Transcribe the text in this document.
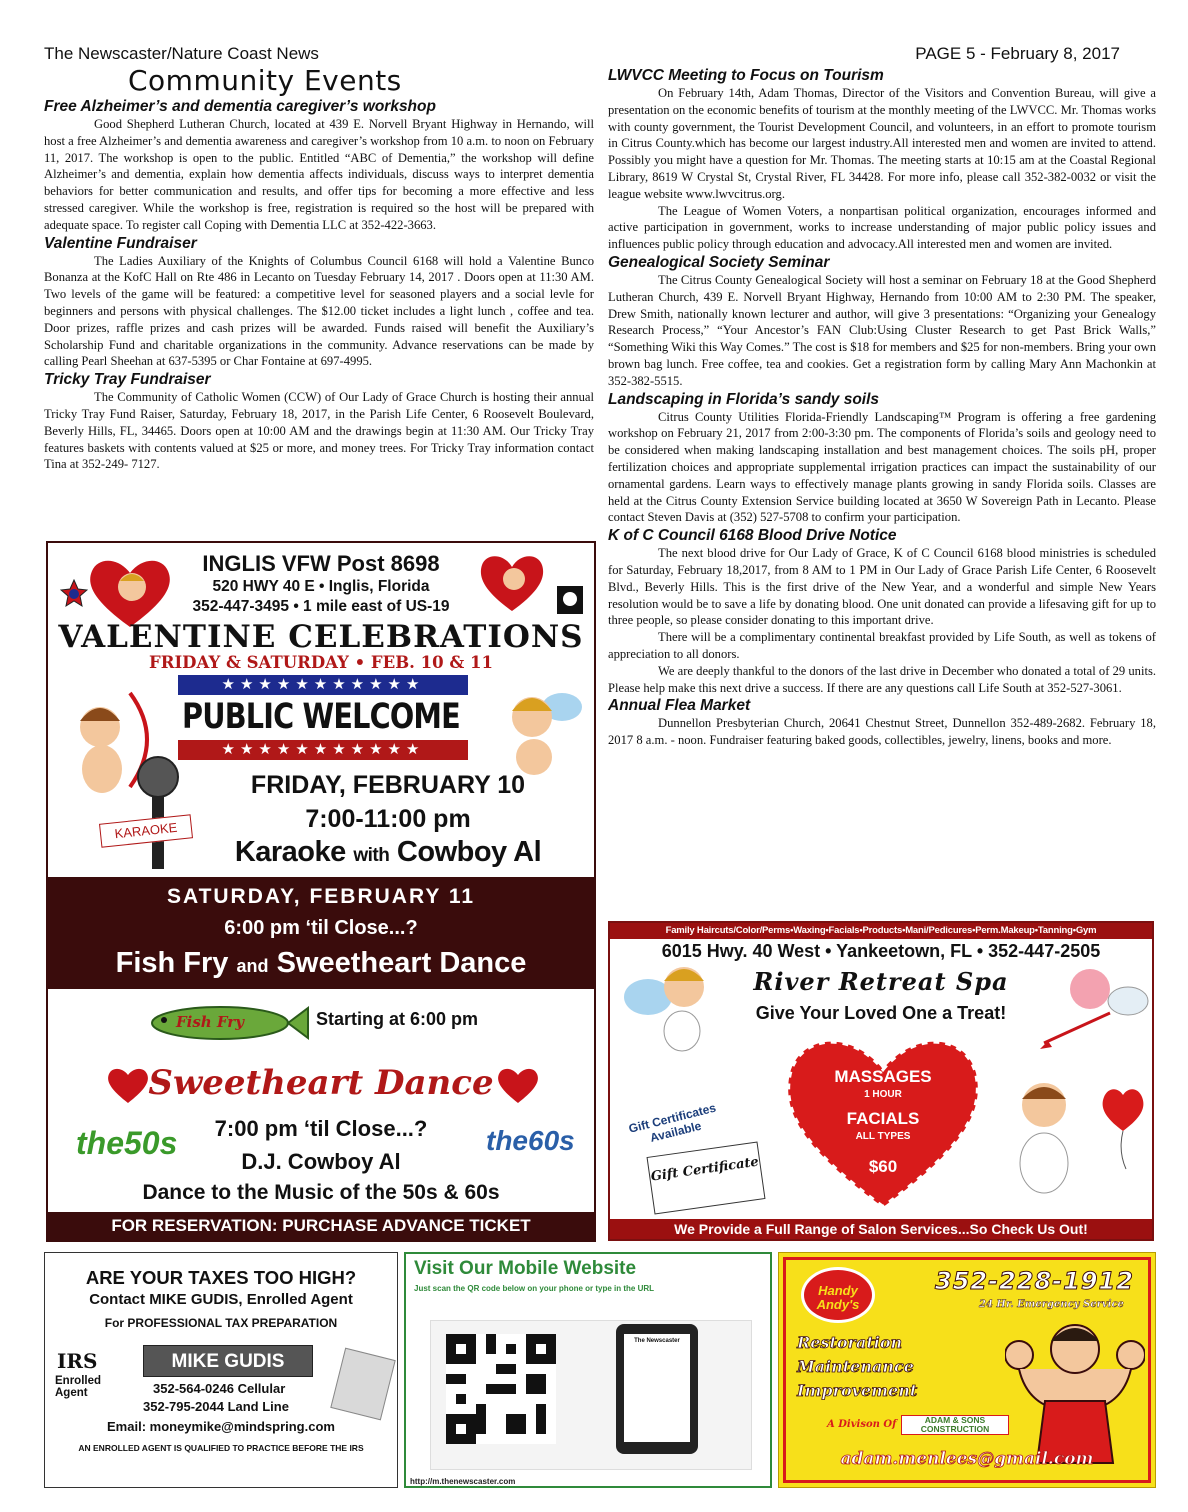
The Newscaster/Nature Coast News	PAGE 5 - February 8, 2017
Community Events
Free Alzheimer’s and dementia caregiver’s workshop

Good Shepherd Lutheran Church, located at 439 E. Norvell Bryant Highway in Hernando, will host a free Alzheimer’s and dementia awareness and caregiver’s workshop from 10 a.m. to noon on February 11, 2017. The workshop is open to the public. Entitled “ABC of Dementia,” the workshop will define Alzheimer’s and dementia, explain how dementia affects individuals, discuss ways to interpret dementia behaviors for better communication and results, and offer tips for becoming a more effective and less stressed caregiver. While the workshop is free, registration is required so the host will be prepared with adequate space. To register call Coping with Dementia LLC at 352-422-3663.

Valentine Fundraiser

The Ladies Auxiliary of the Knights of Columbus Council 6168 will hold a Valentine Bunco Bonanza at the KofC Hall on Rte 486 in Lecanto on Tuesday February 14, 2017 . Doors open at 11:30 AM. Two levels of the game will be featured: a competitive level for seasoned players and a social levle for beginners and persons with physical challenges. The $12.00 ticket includes a light lunch , coffee and tea. Door prizes, raffle prizes and cash prizes will be awarded. Funds raised will benefit the Auxiliary’s Scholarship Fund and charitable organizations in the community. Advance reservations can be made by calling Pearl Sheehan at 637-5395 or Char Fontaine at 697-4995.

Tricky Tray Fundraiser

The Community of Catholic Women (CCW) of Our Lady of Grace Church is hosting their annual Tricky Tray Fund Raiser, Saturday, February 18, 2017, in the Parish Life Center, 6 Roosevelt Boulevard, Beverly Hills, FL, 34465. Doors open at 10:00 AM and the drawings begin at 11:30 AM. Our Tricky Tray features baskets with contents valued at $25 or more, and money trees. For Tricky Tray information contact Tina at 352-249- 7127.

LWVCC Meeting to Focus on Tourism

On February 14th, Adam Thomas, Director of the Visitors and Convention Bureau, will give a presentation on the economic benefits of tourism at the monthly meeting of the LWVCC. Mr. Thomas works with county government, the Tourist Development Council, and volunteers, in an effort to promote tourism in Citrus County.which has become our largest industry.All interested men and women are invited to attend. Possibly you might have a question for Mr. Thomas. The meeting starts at 10:15 am at the Coastal Regional Library, 8619 W Crystal St, Crystal River, FL 34428. For more info, please call 352-382-0032 or visit the league website www.lwvcitrus.org.

The League of Women Voters, a nonpartisan political organization, encourages informed and active participation in government, works to increase understanding of major public policy issues and influences public policy through education and advocacy.All interested men and women are invited.

Genealogical Society Seminar

The Citrus County Genealogical Society will host a seminar on February 18 at the Good Shepherd Lutheran Church, 439 E. Norvell Bryant Highway, Hernando from 10:00 AM to 2:30 PM. The speaker, Drew Smith, nationally known lecturer and author, will give 3 presentations: “Organizing your Genealogy Research Process,” “Your Ancestor’s FAN Club:Using Cluster Research to get Past Brick Walls,” “Something Wiki this Way Comes.” The cost is $18 for members and $25 for non-members. Bring your own brown bag lunch. Free coffee, tea and cookies. Get a registration form by calling Mary Ann Machonkin at 352-382-5515.

Landscaping in Florida’s sandy soils

Citrus County Utilities Florida-Friendly Landscaping™ Program is offering a free gardening workshop on February 21, 2017 from 2:00-3:30 pm. The components of Florida’s soils and geology need to be considered when making landscaping installation and best management choices. The soils pH, proper fertilization choices and appropriate supplemental irrigation practices can impact the sustainability of our ornamental gardens. Learn ways to effectively manage plants growing in sandy Florida soils. Classes are held at the Citrus County Extension Service building located at 3650 W Sovereign Path in Lecanto. Please contact Steven Davis at (352) 527-5708 to confirm your participation.

K of C Council 6168 Blood Drive Notice

The next blood drive for Our Lady of Grace, K of C Council 6168 blood ministries is scheduled for Saturday, February 18,2017, from 8 AM to 1 PM in Our Lady of Grace Parish Life Center, 6 Roosevelt Blvd., Beverly Hills. This is the first drive of the New Year, and a wonderful and simple New Years resolution would be to save a life by donating blood. One unit donated can provide a lifesaving gift for up to three people, so please consider donating to this important drive.

There will be a complimentary continental breakfast provided by Life South, as well as tokens of appreciation to all donors.

We are deeply thankful to the donors of the last drive in December who donated a total of 29 units. Please help make this next drive a success. If there are any questions call Life South at 352-527-3061.

Annual Flea Market

Dunnellon Presbyterian Church, 20641 Chestnut Street, Dunnellon 352-489-2682. February 18, 2017 8 a.m. - noon. Fundraiser featuring baked goods, collectibles, jewelry, linens, books and more.

INGLIS VFW Post 8698
520 HWY 40 E • Inglis, Florida
352-447-3495 • 1 mile east of US-19
VALENTINE CELEBRATIONS
FRIDAY & SATURDAY • FEB. 10 & 11
★★★★★★★★★★★
PUBLIC WELCOME
★★★★★★★★★★★
KARAOKE
FRIDAY, FEBRUARY 10
7:00-11:00 pm
Karaoke with Cowboy Al
SATURDAY, FEBRUARY 11
6:00 pm ‘til Close...?
Fish Fry and Sweetheart Dance
Fish Fry	Starting at 6:00 pm
Sweetheart Dance
the50s	the60s
7:00 pm ‘til Close...?
D.J. Cowboy Al
Dance to the Music of the 50s & 60s
FOR RESERVATION: PURCHASE ADVANCE TICKET
Family Haircuts/Color/Perms•Waxing•Facials•Products•Mani/Pedicures•Perm.Makeup•Tanning•Gym
6015 Hwy. 40 West • Yankeetown, FL • 352-447-2505
River Retreat Spa
Give Your Loved One a Treat!
MASSAGES
1 HOUR
FACIALS
ALL TYPES
$60
Gift Certificates Available
Gift Certificate
We Provide a Full Range of Salon Services...So Check Us Out!
ARE YOUR TAXES TOO HIGH?
Contact MIKE GUDIS, Enrolled Agent
For PROFESSIONAL TAX PREPARATION
IRS
Enrolled Agent
MIKE GUDIS
352-564-0246 Cellular
352-795-2044 Land Line
Email: moneymike@mindspring.com
AN ENROLLED AGENT IS QUALIFIED TO PRACTICE BEFORE THE IRS
Visit Our Mobile Website
Just scan the QR code below on your phone or type in the URL
The Newscaster
http://m.thenewscaster.com
Handy Andy's
352-228-1912
24 Hr. Emergency Service
Restoration
Maintenance
Improvement
A Divison Of	ADAM & SONS CONSTRUCTION
adam.menlees@gmail.com
